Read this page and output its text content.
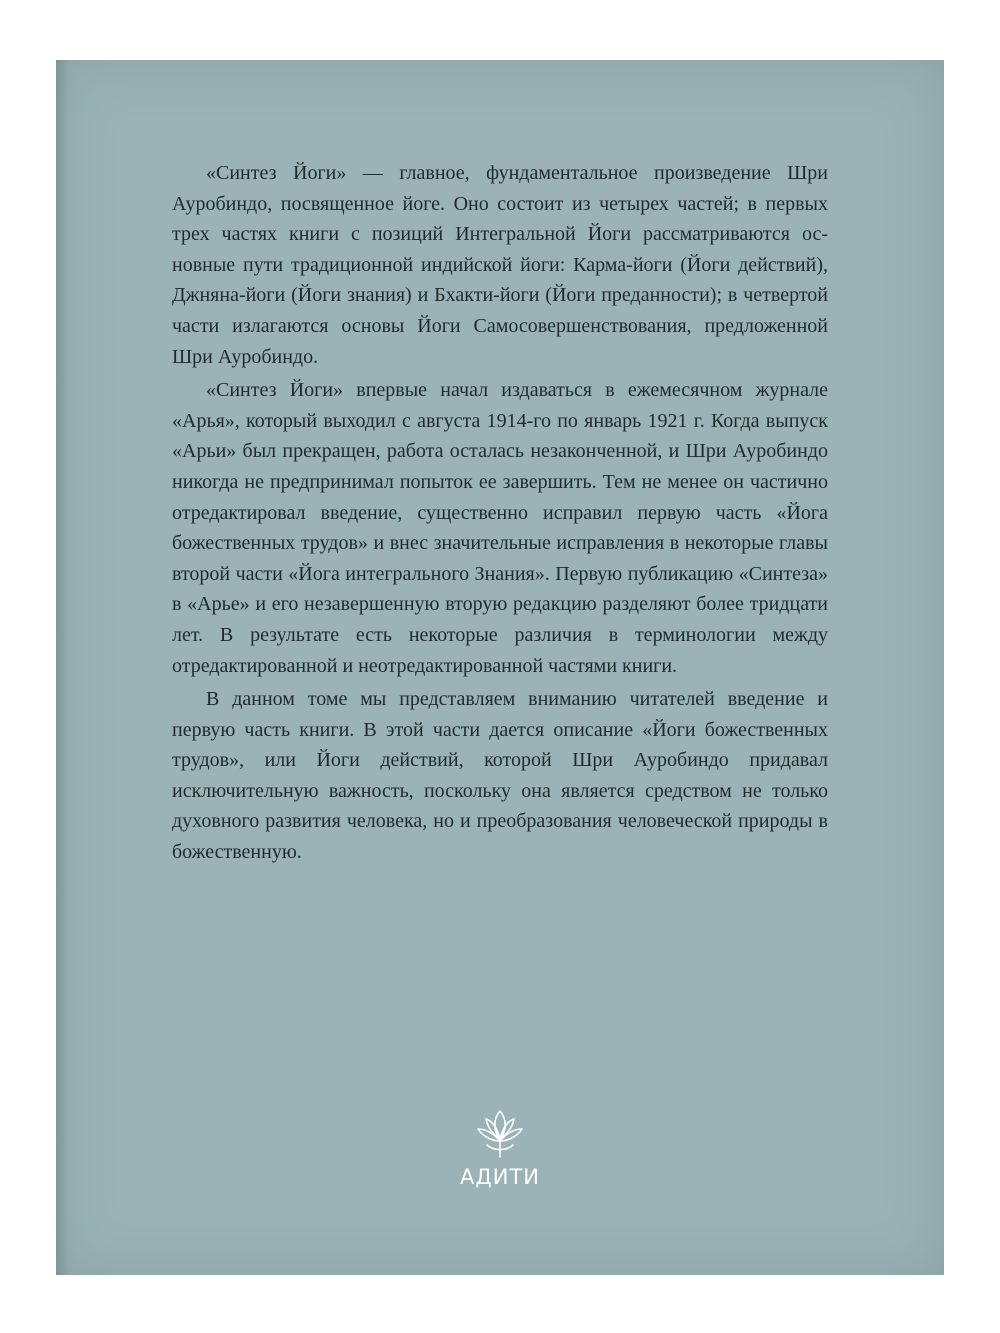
«Синтез Йоги» — главное, фундаментальное произведение Шри Ауробиндо, посвященное йоге. Оно состоит из четырех частей; в первых трех частях книги с позиций Интегральной Йоги рассматриваются основные пути традиционной индийской йоги: Карма-йоги (Йоги действий), Джняна-йоги (Йоги знания) и Бхакти-йоги (Йоги преданности); в четвертой части излагаются основы Йоги Самосовершенствования, предложенной Шри Ауробиндо.

«Синтез Йоги» впервые начал издаваться в ежемесячном журнале «Арья», который выходил с августа 1914-го по январь 1921 г. Когда выпуск «Арьи» был прекращен, работа осталась незаконченной, и Шри Ауробиндо никогда не предпринимал попыток ее завершить. Тем не менее он частично отредактировал введение, существенно исправил первую часть «Йога божественных трудов» и внес значительные исправления в некоторые главы второй части «Йога интегрального Знания». Первую публикацию «Синтеза» в «Арье» и его незавершенную вторую редакцию разделяют более тридцати лет. В результате есть некоторые различия в терминологии между отредактированной и неотредактированной частями книги.

В данном томе мы представляем вниманию читателей введение и первую часть книги. В этой части дается описание «Йоги божественных трудов», или Йоги действий, которой Шри Ауробиндо придавал исключительную важность, поскольку она является средством не только духовного развития человека, но и преобразования человеческой природы в божественную.

АДИТИ
